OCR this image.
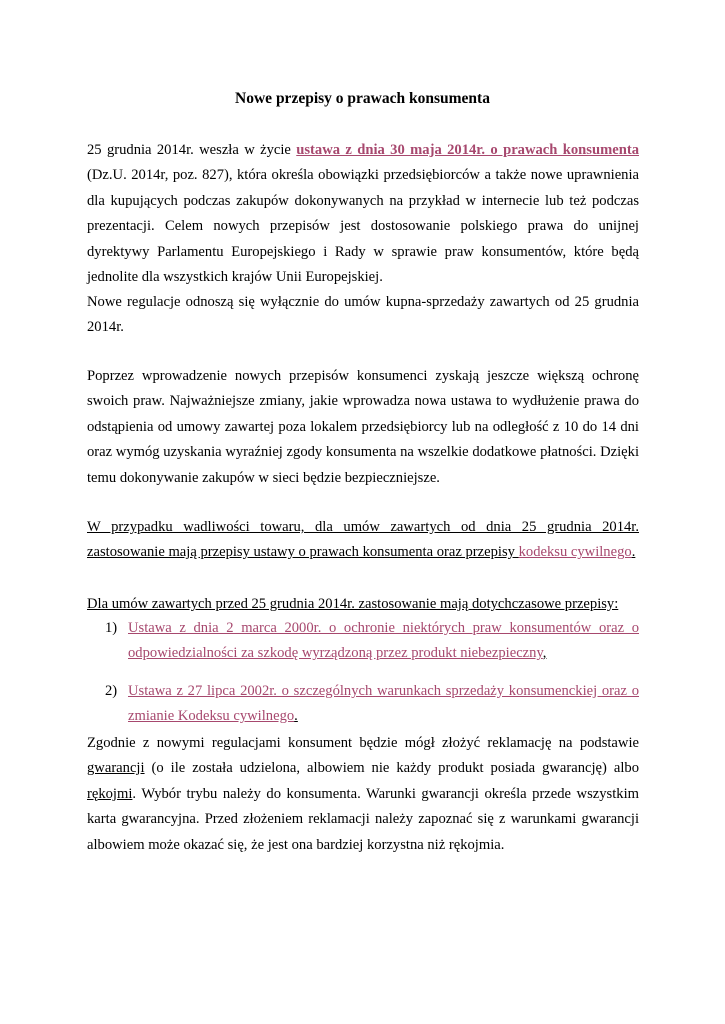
Nowe przepisy o prawach konsumenta

25 grudnia 2014r. weszła w życie ustawa z dnia 30 maja 2014r. o prawach konsumenta (Dz.U. 2014r, poz. 827), która określa obowiązki przedsiębiorców a także nowe uprawnienia dla kupujących podczas zakupów dokonywanych na przykład w internecie lub też podczas prezentacji. Celem nowych przepisów jest dostosowanie polskiego prawa do unijnej dyrektywy Parlamentu Europejskiego i Rady w sprawie praw konsumentów, które będą jednolite dla wszystkich krajów Unii Europejskiej.

Nowe regulacje odnoszą się wyłącznie do umów kupna-sprzedaży zawartych od 25 grudnia 2014r.

Poprzez wprowadzenie nowych przepisów konsumenci zyskają jeszcze większą ochronę swoich praw. Najważniejsze zmiany, jakie wprowadza nowa ustawa to wydłużenie prawa do odstąpienia od umowy zawartej poza lokalem przedsiębiorcy lub na odległość z 10 do 14 dni oraz wymóg uzyskania wyraźniej zgody konsumenta na wszelkie dodatkowe płatności. Dzięki temu dokonywanie zakupów w sieci będzie bezpieczniejsze.

W przypadku wadliwości towaru, dla umów zawartych od dnia 25 grudnia 2014r. zastosowanie mają przepisy ustawy o prawach konsumenta oraz przepisy kodeksu cywilnego.

Dla umów zawartych przed 25 grudnia 2014r. zastosowanie mają dotychczasowe przepisy:

1) Ustawa z dnia 2 marca 2000r. o ochronie niektórych praw konsumentów oraz o odpowiedzialności za szkodę wyrządzoną przez produkt niebezpieczny,
2) Ustawa z 27 lipca 2002r. o szczególnych warunkach sprzedaży konsumenckiej oraz o zmianie Kodeksu cywilnego.

Zgodnie z nowymi regulacjami konsument będzie mógł złożyć reklamację na podstawie gwarancji (o ile została udzielona, albowiem nie każdy produkt posiada gwarancję) albo rękojmi. Wybór trybu należy do konsumenta. Warunki gwarancji określa przede wszystkim karta gwarancyjna. Przed złożeniem reklamacji należy zapoznać się z warunkami gwarancji albowiem może okazać się, że jest ona bardziej korzystna niż rękojmia.
